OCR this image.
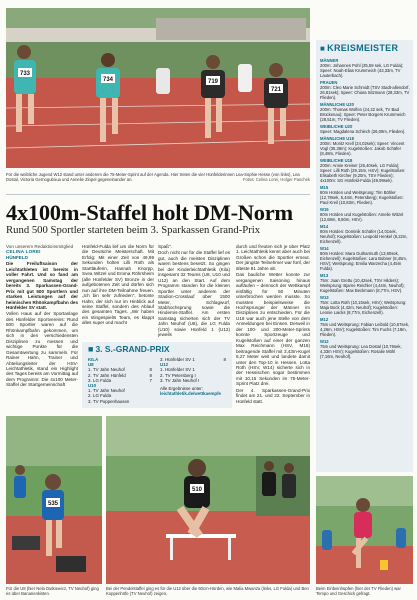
733
734	719
721
Für die weibliche Jugend W12 stand unter anderem die 75-Meter-Sprint auf der Agenda. Hier treten die vier Hünfelderinnen Lea-Sophie Hesse (von links), Lea Dostal, Victoria Gernoguboua und Annelie Zinpel gegeneinander an.	Fotos: Celina Lorei, Holger Paschek
4x100m-Staffel holt DM-Norm
Rund 500 Sportler starteten beim 3. Sparkassen Grand-Prix
Von unserem Redaktionsmitglied
CELINA LOREI

HÜNFELD

Die Freiluftsaison der Leichtathleten ist bereits in voller Fahrt. Und so fand am vergangenen Samstag der bereits 3. Sparkassen-Grand-Prix mit gut 500 Sportlern und starken Leistungen auf der heimischen Rhönkampfbahn des Hünfelder SV statt.

Vollen Haus auf der Sportanlage des Hünfelder Sportvereins: Rund 500 Sportler waren auf die Rhönkampfbahn gekommen, um sich in den verschiedensten Disziplinen zu messen und wichtige Punkte für die Gesamtwertung zu sammeln. Für Rainer Hahn, Trainer und Abteilungsleiter der HSV-Leichtathletik, stand ein Highlight des Tages bereits am Vormittag auf dem Programm: Die 4x100 Meter-Staffel der Startgemeinschaft

Hünfeld-Fulda lief um die Norm für die Deutsche Meisterschaft. Mit Erfolg: Mit einer Zeit von 49,99 Sekunden holten Lilli Roth als Startläuferin, Hannah Knorpp, Svea Witzel und Emma Röhrsheim (alle Hünfelder SV) Bronze in der aufgebotenen Zeit und dürfen sich nun auf ihre DM-Teilnahme freuen. „Ich bin sehr zufrieden", betonte Hahn, der sich nur im Hinblick auf seine Staffel, sondern des Ablauf des gesamten Tages. „Wir haben ein stingespielts Team, es klappt alles super und macht

Spaß".

Doch nicht nur für die Staffel lief es gut, auch die meisten Disziplinen waren bestens besetzt. So gingen bei der Kinderleichtathletik (Kila) insgesamt 32 Teams (U8, U10 und U12) an den Start. Auf dem Programm standen für die kleinen Sportler unter anderem der Stadion-Crosslauf über 1500 Meter, Schlagwurf, Stabhochsprung sowie die Hindernis-Staffel. Am ersten Samstag sicherten sich der TV Jahn Neuhof (U8), die LG Fulda (U10) sowie Hünfeld 1 (U12) jeweils

durch und freuten sich je über Platz 1. Leichtathletik kennt aber auch bei Großen schon die Sportler erneut. Der jüngste Teilnehmer war fünf, der älteste 81 Jahre alt.

Das bauliche Wetter konnte zur vergangenen Saisoning hinaus aufläufen – dennoch der Wettkampf einfältig für 50 Minuten unterbrochen werden musste. So mussten beispielsweise die Hochsprunger der Männer im Disziplinen zu entschieden. Für die U18 war auch jene Stelle von dem Anmeldungen bei Einsen. Derweil in der 100- und 200-Meter-Sprints konnte Sportzeuge und Kugelstoßen auf einer der ganzen Max Reichmann (HSV, M18) beitragende Staffel mit 3,43m-Kugel 8,27 Meter weit und landete damit unter den Top-10 in Hessen. Lotta Roth (HSV, W14) sicherte sich in der Hessischen sogar bestimmen mit 10,15 Sekunden im 75-Meter-Sprint Platz drei.

Der 4. Sparkassen-Grand-Prix findet am 21. und 22. September in Hünfeld statt.

■ 3. S.-GRAND-PRIX
KILA
U8
1. TV Jahn Neuhof	8
2. TV Jahn Hünfeld	8
3. LG Fulda	7
U10
1. TV Jahn Neuhof
2. LG Fulda
3. TV Poppenhausen
3. Hünfelder SV 1	8
U12
1. Hünfelder SV 1
2. TV Petersberg I
3. TV Jahn Neuhof I
Alle Ergebnisse unter:
leichtathletik.de/wettkaempfe
■ KREISMEISTER
MÄNNER

200m: Johannes Pohl (25,59 sek, LG Fulda); Speer: Noah-Elias Krummeich (43,33m, TV Lauterbach).

FRAUEN

200m: Cleo Marie Schmidt (TSV Stadt-allendorf, 26,81sek); Speer: Chiara Sitzmann (28,33m, TV Flieden).

MÄNNLICHE U20

200m: Thomas Wolfen (24,22 sek, TV Bad Brückenau); Speer: Peter Borgers Krummeich (28,51m, TV Flieden).

WEIBLICHE U20

Speer: Magdalena Schlech (26,09m, Flieden).

MÄNNLICHE U18

200m: Moritz Krell (24,02sek); Speer: Vincent Vogl (35,38m); Kugelstoßen: Jakob Schäfer (8,48m, Flieden).

WEIBLICHE U18

200m: Annie Kreiser (26,40sek, LG Fulda); Speer: Lilli Roth (29,15m, HSV); Kugelstoßen: Elisabeth Kircher (9,20m, TSV Flieden); 4x100m: SG Hünfeld-Fulda (49,99sek).

M15

80m Hürden und Weitsprung: Tim Böhler (12,78sek, 5,44m, Petersberg); Kugelstoßen: Paul Kreil (10,83m, Flieden).

W15

80m Hürden und Kugelstoßen: Amelie Witzel (12,68m, 8,80m, HSV).

M14

80m Hürden: Dominik Schäfer (14,01sek, Neuhof); Kugelstoßen: Leopold Henkel (8,22m, Eichenzell).

W14

80m Hürden: Mara Gutharmuth (13,60sek, Eichenzell); Kugelstoßen: Lara Bubner (8,45m, HSV); Weitsprung: Emilia Warzecha (4,45m Fulda).

M13

75m: Juan Grettu (10,42sek, TSV Hilders); Weitsprung: Bjarne Reichler (4,44m, Neuhof); Kugelstoßen: Max Beckmann (8,77m, HSV).

W13

75m: Lotta Roth (10,15sek, HSV); Weitsprung: Maja Bock (4,42m, Neuhof); Kugelstoßen: Leonie Laicks (8,77m, Eichenzell).

M12

75m und Weitsprung: Fabian Leibold (10,67sek, 4,26m, HSV); Kugelstoßen: Tim Fuchs (7,18m, Flieden).

W12

75m und Weitsprung: Lea Dostal (10,76sek, 4,33m HSV); Kugelstoßen: Rosalie Möhl (7,16m, Neuhof).

535
Für die U8 (hier Nela Dutkiewicz, TV Neuhof) ging es über Bananenkisten.
510
Bei der Pendelstaffel ging es für die U12 über die 60cm-Hürden, wie Malia Mwanza (links, LG Fulda) und Ben Koppenhöfe (TV Neuhof) zeigen.
Beim Einbeinhüpfen (hier der TV Flieden) war Tempo und Geschick gefragt.
